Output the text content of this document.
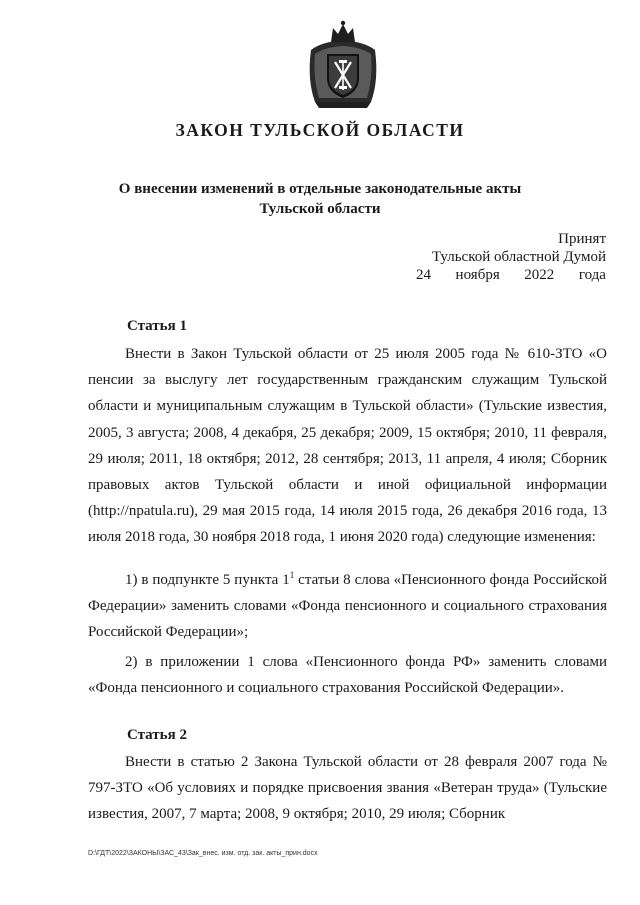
ЗАКОН ТУЛЬСКОЙ ОБЛАСТИ
О внесении изменений в отдельные законодательные акты
Тульской области
Принят
Тульской областной Думой
24 ноября 2022 года
Статья 1

Внести в Закон Тульской области от 25 июля 2005 года № 610-ЗТО «О пенсии за выслугу лет государственным гражданским служащим Тульской области и муниципальным служащим в Тульской области» (Тульские известия, 2005, 3 августа; 2008, 4 декабря, 25 декабря; 2009, 15 октября; 2010, 11 февраля, 29 июля; 2011, 18 октября; 2012, 28 сентября; 2013, 11 апреля, 4 июля; Сборник правовых актов Тульской области и иной официальной информации (http://npatula.ru), 29 мая 2015 года, 14 июля 2015 года, 26 декабря 2016 года, 13 июля 2018 года, 30 ноября 2018 года, 1 июня 2020 года) следующие изменения:

1) в подпункте 5 пункта $1^1$ статьи 8 слова «Пенсионного фонда Российской Федерации» заменить словами «Фонда пенсионного и социального страхования Российской Федерации»;

2) в приложении 1 слова «Пенсионного фонда РФ» заменить словами «Фонда пенсионного и социального страхования Российской Федерации».

Статья 2

Внести в статью 2 Закона Тульской области от 28 февраля 2007 года № 797-ЗТО «Об условиях и порядке присвоения звания «Ветеран труда» (Тульские известия, 2007, 7 марта; 2008, 9 октября; 2010, 29 июля; Сборник

D:\ГДТ\2022\ЗАКОНЫ\ЗАС_43\Зак_внес. изм. отд. зак. акты_прин.docx
